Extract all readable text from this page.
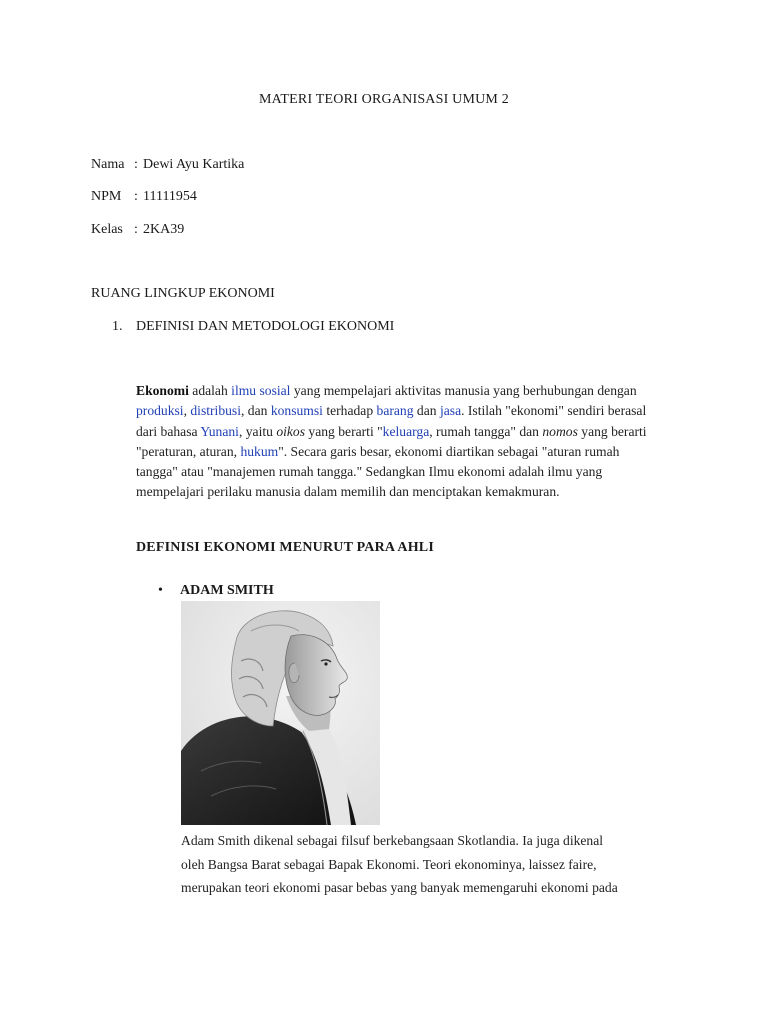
MATERI TEORI ORGANISASI UMUM 2
Nama : Dewi Ayu Kartika
NPM : 11111954
Kelas : 2KA39
RUANG LINGKUP EKONOMI
1. DEFINISI DAN METODOLOGI EKONOMI
Ekonomi adalah ilmu sosial yang mempelajari aktivitas manusia yang berhubungan dengan produksi, distribusi, dan konsumsi terhadap barang dan jasa. Istilah "ekonomi" sendiri berasal dari bahasa Yunani, yaitu oikos yang berarti "keluarga, rumah tangga" dan nomos yang berarti "peraturan, aturan, hukum". Secara garis besar, ekonomi diartikan sebagai "aturan rumah tangga" atau "manajemen rumah tangga." Sedangkan Ilmu ekonomi adalah ilmu yang mempelajari perilaku manusia dalam memilih dan menciptakan kemakmuran.
DEFINISI EKONOMI MENURUT PARA AHLI
• ADAM SMITH
Adam Smith dikenal sebagai filsuf berkebangsaan Skotlandia. Ia juga dikenal
oleh Bangsa Barat sebagai Bapak Ekonomi. Teori ekonominya, laissez faire,
merupakan teori ekonomi pasar bebas yang banyak memengaruhi ekonomi pada
